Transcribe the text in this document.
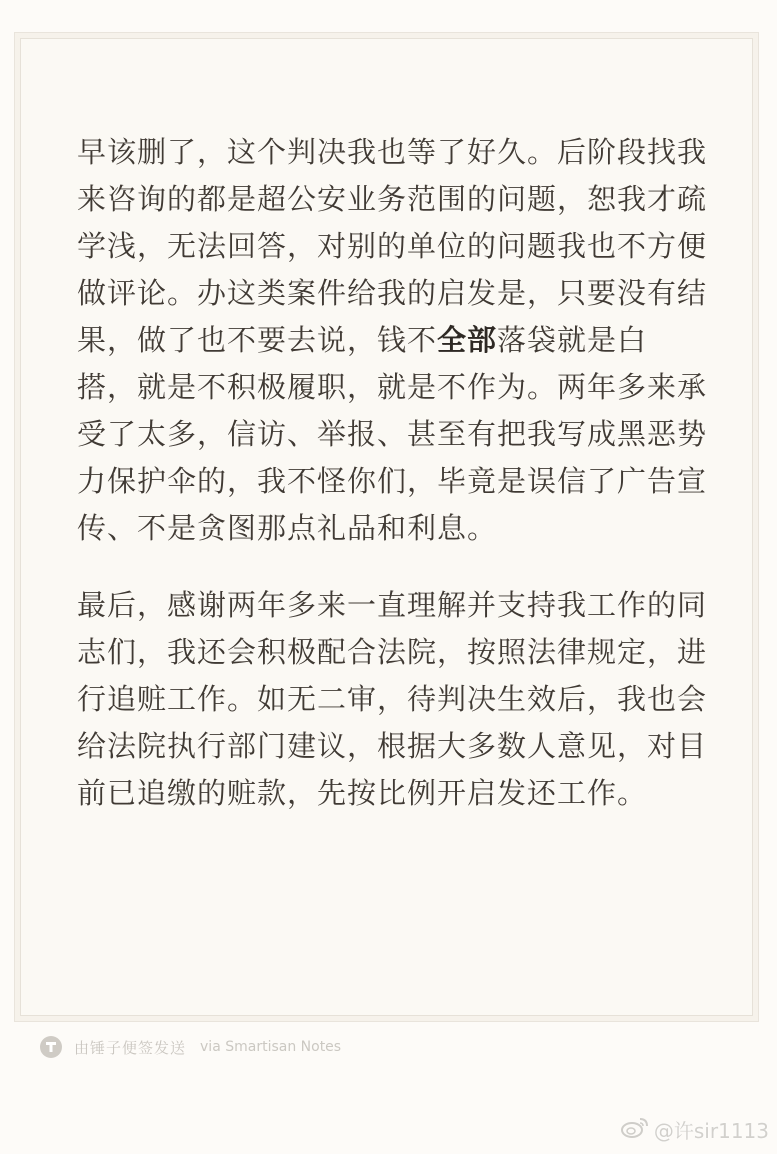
早该删了，这个判决我也等了好久。后阶段找我来咨询的都是超公安业务范围的问题，恕我才疏学浅，无法回答，对别的单位的问题我也不方便做评论。办这类案件给我的启发是，只要没有结果，做了也不要去说，钱不全部落袋就是白搭，就是不积极履职，就是不作为。两年多来承受了太多，信访、举报、甚至有把我写成黑恶势力保护伞的，我不怪你们，毕竟是误信了广告宣传、不是贪图那点礼品和利息。

最后，感谢两年多来一直理解并支持我工作的同志们，我还会积极配合法院，按照法律规定，进行追赃工作。如无二审，待判决生效后，我也会给法院执行部门建议，根据大多数人意见，对目前已追缴的赃款，先按比例开启发还工作。

由锤子便签发送 via Smartisan Notes
@许sir1113
